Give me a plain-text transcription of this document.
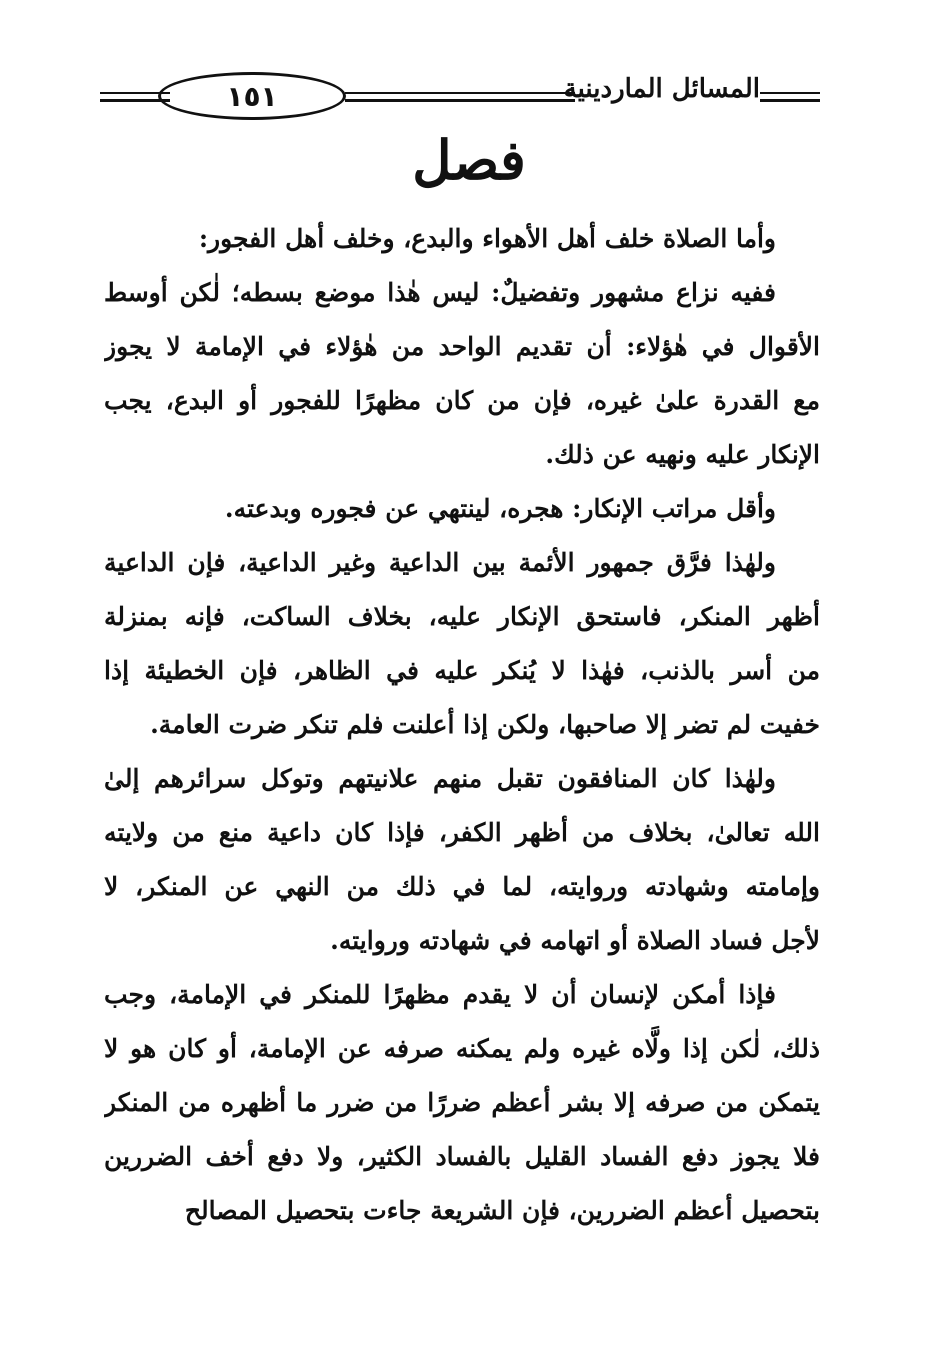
١٥١	المسائل الماردينية
فصل

وأما الصلاة خلف أهل الأهواء والبدع، وخلف أهل الفجور:

ففيه نزاع مشهور وتفضيلٌ: ليس هٰذا موضع بسطه؛ لٰكن أوسط
الأقوال في هٰؤلاء: أن تقديم الواحد من هٰؤلاء في الإمامة لا يجوز
مع القدرة علىٰ غيره، فإن من كان مظهرًا للفجور أو البدع، يجب
الإنكار عليه ونهيه عن ذلك.

وأقل مراتب الإنكار: هجره، لينتهي عن فجوره وبدعته.

ولهٰذا فرَّق جمهور الأئمة بين الداعية وغير الداعية، فإن الداعية
أظهر المنكر، فاستحق الإنكار عليه، بخلاف الساكت، فإنه بمنزلة
من أسر بالذنب، فهٰذا لا يُنكر عليه في الظاهر، فإن الخطيئة إذا
خفيت لم تضر إلا صاحبها، ولكن إذا أعلنت فلم تنكر ضرت العامة.

ولهٰذا كان المنافقون تقبل منهم علانيتهم وتوكل سرائرهم إلىٰ
الله تعالىٰ، بخلاف من أظهر الكفر، فإذا كان داعية منع من ولايته
وإمامته وشهادته وروايته، لما في ذلك من النهي عن المنكر، لا
لأجل فساد الصلاة أو اتهامه في شهادته وروايته.

فإذا أمكن لإنسان أن لا يقدم مظهرًا للمنكر في الإمامة، وجب
ذلك، لٰكن إذا ولَّاه غيره ولم يمكنه صرفه عن الإمامة، أو كان هو لا
يتمكن من صرفه إلا بشر أعظم ضررًا من ضرر ما أظهره من المنكر
فلا يجوز دفع الفساد القليل بالفساد الكثير، ولا دفع أخف الضررين
بتحصيل أعظم الضررين، فإن الشريعة جاءت بتحصيل المصالح
